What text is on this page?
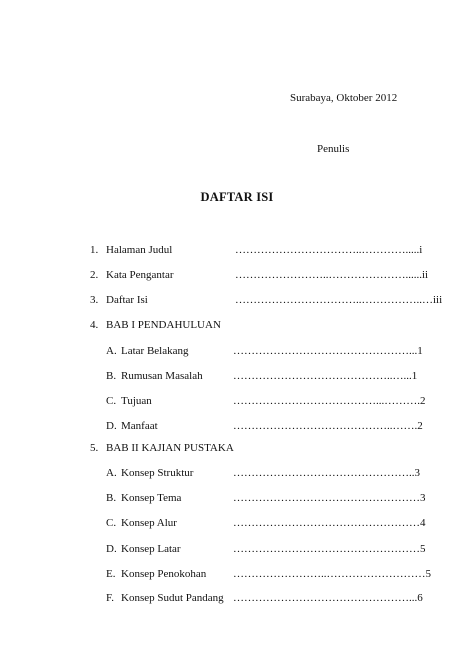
Surabaya, Oktober 2012
Penulis
DAFTAR ISI
1. Halaman Judul	……………………………..………….....i
2. Kata Pengantar	……………………..…………………......ii
3. Daftar Isi	……………………………..……………..…iii
4. BAB I PENDAHULUAN
A. Latar Belakang	…………………………………………...1
B. Rumusan Masalah	……………………………………..…...1
C. Tujuan	…………………………………...……….2
D. Manfaat	……………………………………..…….2
5. BAB II KAJIAN PUSTAKA
A. Konsep Struktur	…………………………………………..3
B. Konsep Tema	……………………………………………3
C. Konsep Alur	……………………………………………4
D. Konsep Latar	……………………………………………5
E. Konsep Penokohan ……………………..………………………5
F. Konsep Sudut Pandang …………………………………………...6
